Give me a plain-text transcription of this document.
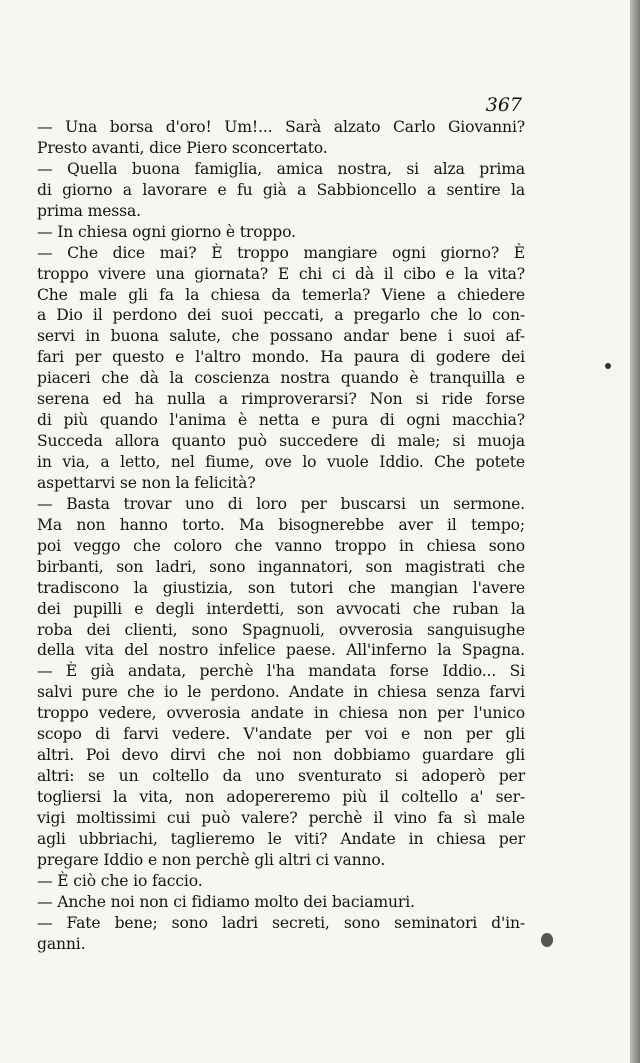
367
— Una borsa d'oro! Um!... Sarà alzato Carlo Giovanni?
Presto avanti, dice Piero sconcertato.
— Quella buona famiglia, amica nostra, si alza prima
di giorno a lavorare e fu già a Sabbioncello a sentire la
prima messa.
— In chiesa ogni giorno è troppo.
— Che dice mai? È troppo mangiare ogni giorno? È
troppo vivere una giornata? E chi ci dà il cibo e la vita?
Che male gli fa la chiesa da temerla? Viene a chiedere
a Dio il perdono dei suoi peccati, a pregarlo che lo con-
servi in buona salute, che possano andar bene i suoi af-
fari per questo e l'altro mondo. Ha paura di godere dei
piaceri che dà la coscienza nostra quando è tranquilla e
serena ed ha nulla a rimproverarsi? Non si ride forse
di più quando l'anima è netta e pura di ogni macchia?
Succeda allora quanto può succedere di male; si muoja
in via, a letto, nel fiume, ove lo vuole Iddio. Che potete
aspettarvi se non la felicità?
— Basta trovar uno di loro per buscarsi un sermone.
Ma non hanno torto. Ma bisognerebbe aver il tempo;
poi veggo che coloro che vanno troppo in chiesa sono
birbanti, son ladri, sono ingannatori, son magistrati che
tradiscono la giustizia, son tutori che mangian l'avere
dei pupilli e degli interdetti, son avvocati che ruban la
roba dei clienti, sono Spagnuoli, ovverosia sanguisughe
della vita del nostro infelice paese. All'inferno la Spagna.
— È già andata, perchè l'ha mandata forse Iddio... Si
salvi pure che io le perdono. Andate in chiesa senza farvi
troppo vedere, ovverosia andate in chiesa non per l'unico
scopo di farvi vedere. V'andate per voi e non per gli
altri. Poi devo dirvi che noi non dobbiamo guardare gli
altri: se un coltello da uno sventurato si adoperò per
togliersi la vita, non adopereremo più il coltello a' ser-
vigi moltissimi cui può valere? perchè il vino fa sì male
agli ubbriachi, taglieremo le viti? Andate in chiesa per
pregare Iddio e non perchè gli altri ci vanno.
— È ciò che io faccio.
— Anche noi non ci fidiamo molto dei baciamuri.
— Fate bene; sono ladri secreti, sono seminatori d'in-
ganni.
